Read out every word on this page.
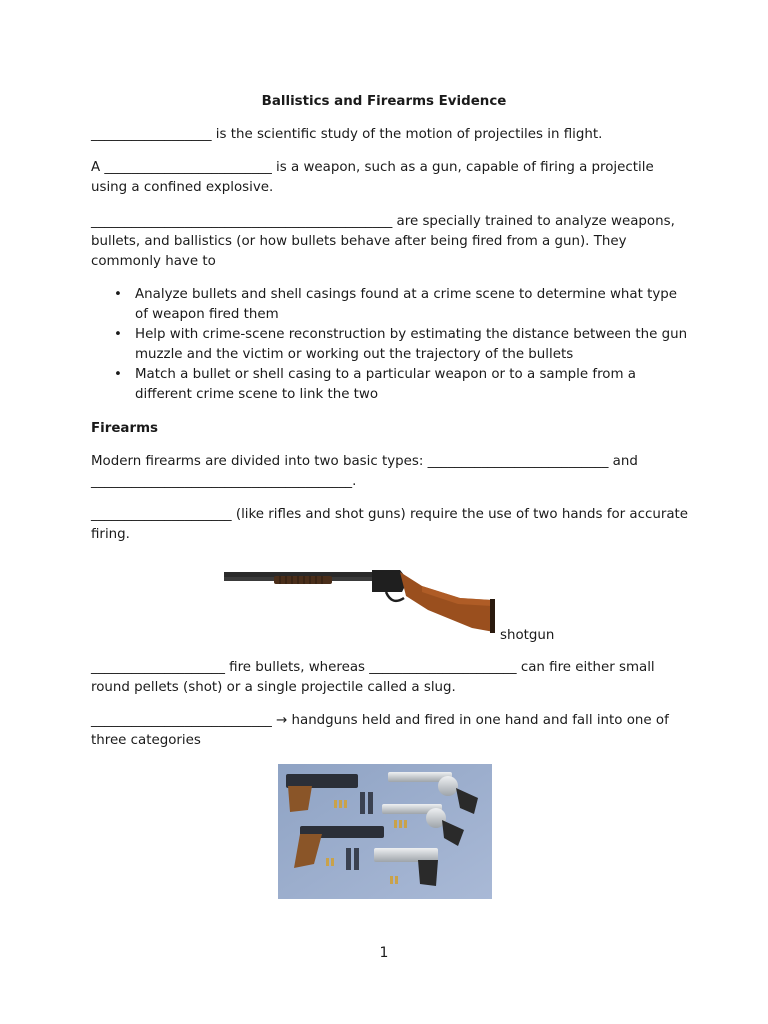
Ballistics and Firearms Evidence

__________________ is the scientific study of the motion of projectiles in flight.

A _________________________ is a weapon, such as a gun, capable of firing a projectile using a confined explosive.

_____________________________________________ are specially trained to analyze weapons, bullets, and ballistics (or how bullets behave after being fired from a gun). They commonly have to

• Analyze bullets and shell casings found at a crime scene to determine what type of weapon fired them
• Help with crime-scene reconstruction by estimating the distance between the gun muzzle and the victim or working out the trajectory of the bullets
• Match a bullet or shell casing to a particular weapon or to a sample from a different crime scene to link the two
Firearms

Modern firearms are divided into two basic types: ___________________________ and _______________________________________.

_____________________ (like rifles and shot guns) require the use of two hands for accurate firing.

shotgun

____________________ fire bullets, whereas ______________________ can fire either small round pellets (shot) or a single projectile called a slug.

___________________________ → handguns held and fired in one hand and fall into one of three categories

1
